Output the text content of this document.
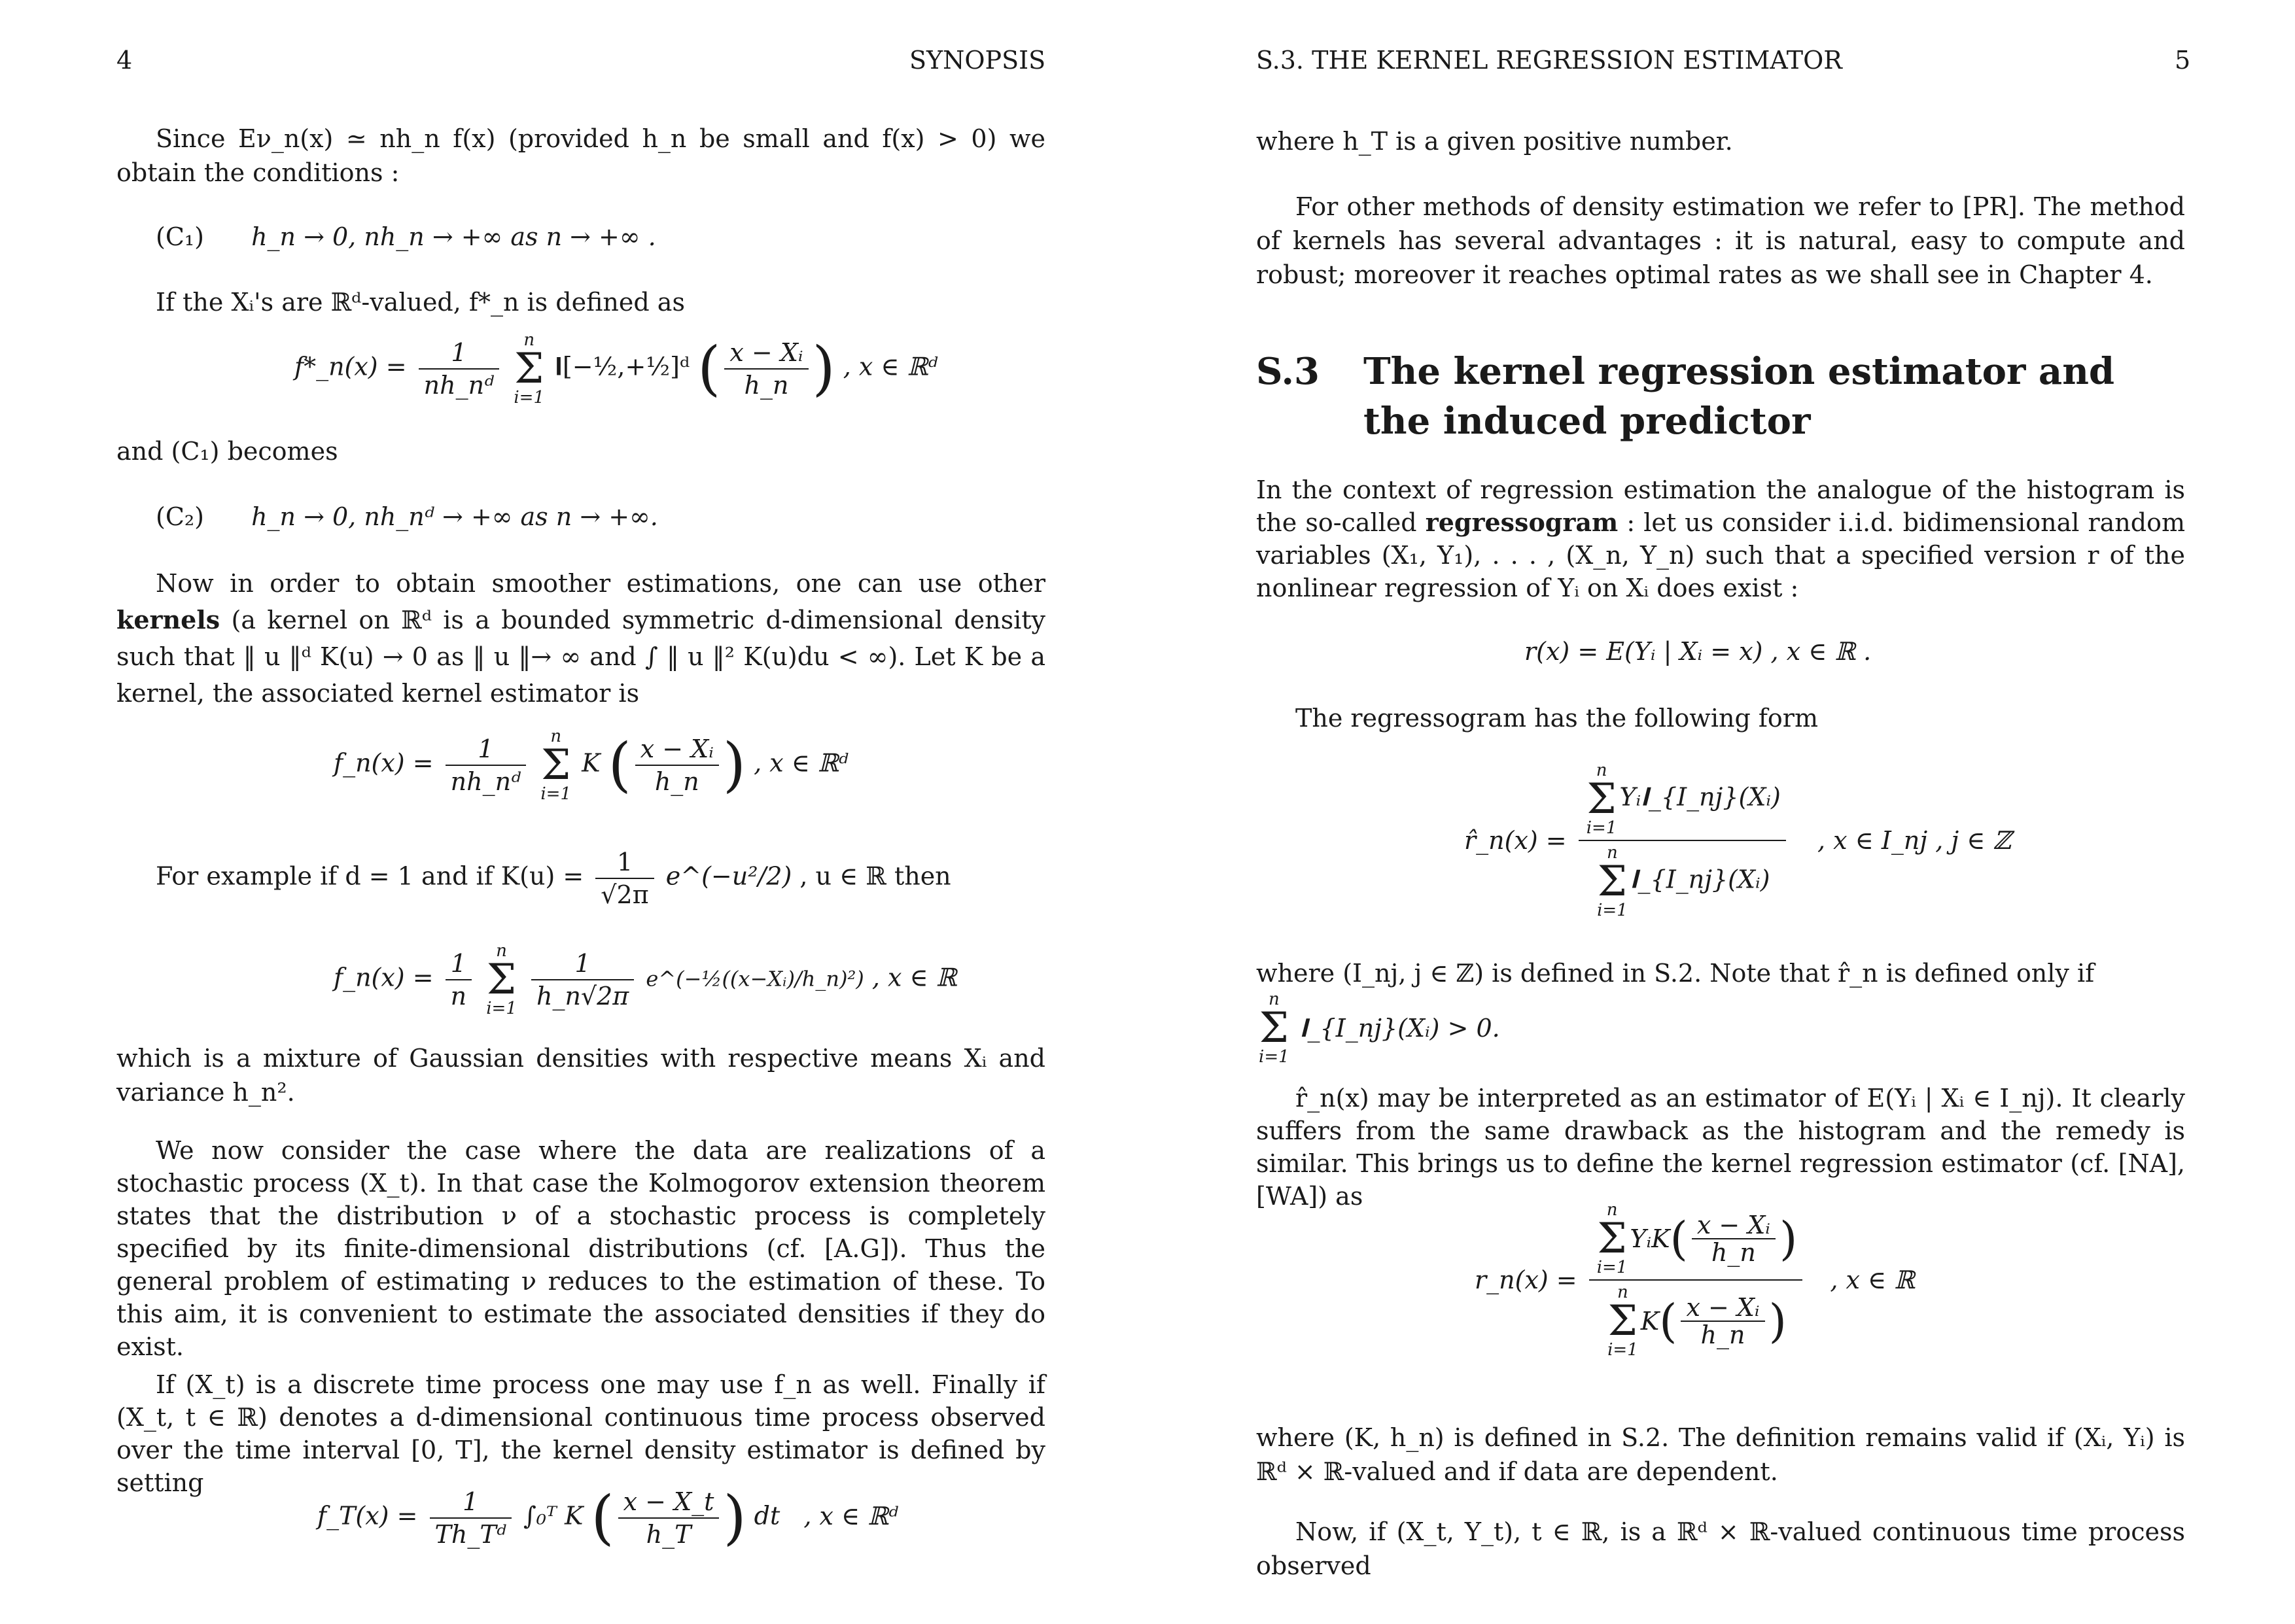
4	SYNOPSIS

Since Eν_n(x) ≃ nh_n f(x) (provided h_n be small and f(x) > 0) we obtain the conditions :

(C₁) h_n → 0, nh_n → +∞ as n → +∞ .

If the Xᵢ's are ℝᵈ-valued, f*_n is defined as

f*_n(x) = $\frac{1}{\text{nh\_nᵈ}}$
	n
Σ
i=1
𝐈[−½,+½]ᵈ ( $\frac{\text{x − Xᵢ}}{h\_n}$ ) , x ∈ ℝᵈ

and (C₁) becomes

(C₂) h_n → 0, nh_nᵈ → +∞ as n → +∞.

Now in order to obtain smoother estimations, one can use other kernels (a kernel on ℝᵈ is a bounded symmetric d-dimensional density such that ‖ u ‖ᵈ K(u) → 0 as ‖ u ‖→ ∞ and ∫ ‖ u ‖² K(u)du < ∞). Let K be a kernel, the associated kernel estimator is

f_n(x) = $\frac{1}{\text{nh\_nᵈ}}$
	n
Σ
i=1
K ( $\frac{\text{x − Xᵢ}}{h\_n}$ ) , x ∈ ℝᵈ
For example if d = 1 and if $K(u) = \frac{1}{√2\pi}$ e^(−u²/2) , u ∈ ℝ then
f_n(x) = $\frac{1}{n}$
	n
Σ
i=1
$\frac{1}{h\_n√2\pi}$ e^(−½((x−Xᵢ)/h_n)²) , x ∈ ℝ

which is a mixture of Gaussian densities with respective means Xᵢ and variance h_n².

We now consider the case where the data are realizations of a stochastic process (X_t). In that case the Kolmogorov extension theorem states that the distribution ν of a stochastic process is completely specified by its finite-dimensional distributions (cf. [A.G]). Thus the general problem of estimating ν reduces to the estimation of these. To this aim, it is convenient to estimate the associated densities if they do exist.

If (X_t) is a discrete time process one may use f_n as well. Finally if (X_t, t ∈ ℝ) denotes a d-dimensional continuous time process observed over the time interval [0, T], the kernel density estimator is defined by setting

f_T(x) = $\frac{1}{\text{Th\_Tᵈ}}$ ∫₀ᵀ K ( $\frac{x - X\_t}{h\_T}$ ) dt , x ∈ ℝᵈ
S.3. THE KERNEL REGRESSION ESTIMATOR	5

where h_T is a given positive number.

For other methods of density estimation we refer to [PR]. The method of kernels has several advantages : it is natural, easy to compute and robust; moreover it reaches optimal rates as we shall see in Chapter 4.

S.3 The kernel regression estimator and the induced predictor

In the context of regression estimation the analogue of the histogram is the so-called regressogram : let us consider i.i.d. bidimensional random variables (X₁, Y₁), . . . , (X_n, Y_n) such that a specified version r of the nonlinear regression of Yᵢ on Xᵢ does exist :

r(x) = E(Yᵢ | Xᵢ = x) , x ∈ ℝ .

The regressogram has the following form

r̂_n(x) = n
Σ
i=1
Yᵢ𝐈_{I_nj}(Xᵢ)
n
Σ
i=1
𝐈_{I_nj}(Xᵢ) , x ∈ I_nj , j ∈ ℤ

where (I_nj, j ∈ ℤ) is defined in S.2. Note that r̂_n is defined only if

n
Σ
i=1
𝐈_{I_nj}(Xᵢ) > 0.

r̂_n(x) may be interpreted as an estimator of E(Yᵢ | Xᵢ ∈ I_nj). It clearly suffers from the same drawback as the histogram and the remedy is similar. This brings us to define the kernel regression estimator (cf. [NA], [WA]) as

r_n(x) = n
Σ
i=1
YᵢK( $\frac{\text{x − Xᵢ}}{h\_n}$ )
n
Σ
i=1
$K( \frac{\text{x − Xᵢ}}{h\_n}$ ) , x ∈ ℝ

where (K, h_n) is defined in S.2. The definition remains valid if (Xᵢ, Yᵢ) is ℝᵈ × ℝ-valued and if data are dependent.

Now, if (X_t, Y_t), t ∈ ℝ, is a ℝᵈ × ℝ-valued continuous time process observed
